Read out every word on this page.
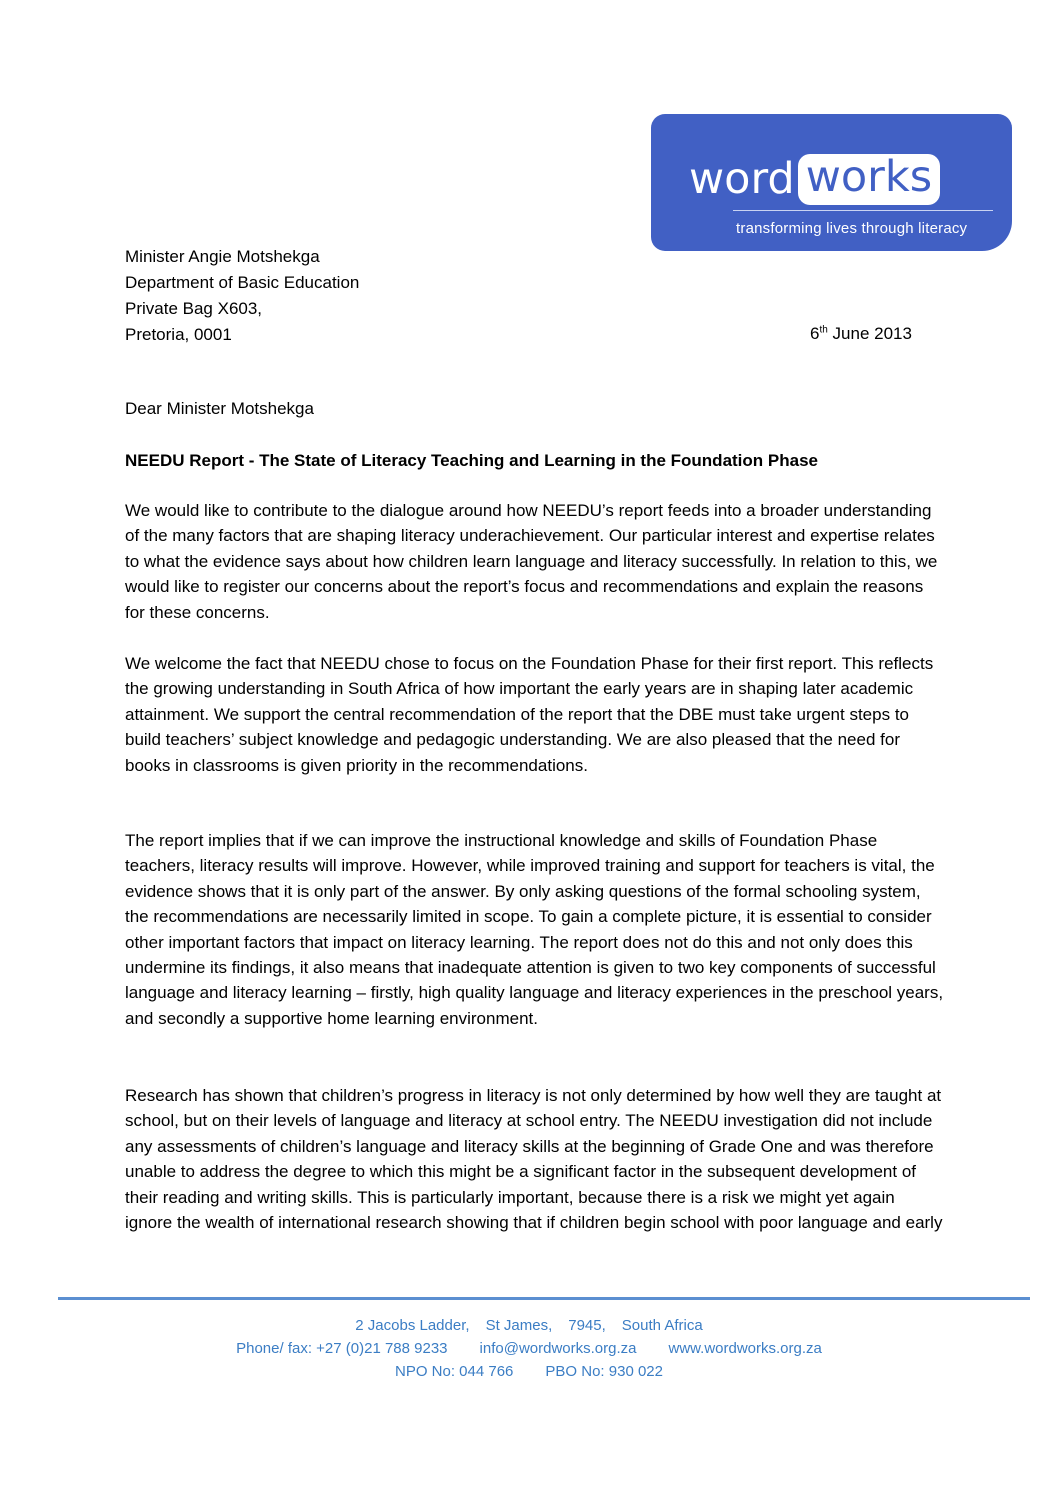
word works
transforming lives through literacy
Minister Angie Motshekga
Department of Basic Education
Private Bag X603,
Pretoria, 0001	6th June 2013
Dear Minister Motshekga
NEEDU Report - The State of Literacy Teaching and Learning in the Foundation Phase
We would like to contribute to the dialogue around how NEEDU’s report feeds into a broader understanding of the many factors that are shaping literacy underachievement. Our particular interest and expertise relates to what the evidence says about how children learn language and literacy successfully. In relation to this, we would like to register our concerns about the report’s focus and recommendations and explain the reasons for these concerns.
We welcome the fact that NEEDU chose to focus on the Foundation Phase for their first report. This reflects the growing understanding in South Africa of how important the early years are in shaping later academic attainment. We support the central recommendation of the report that the DBE must take urgent steps to build teachers’ subject knowledge and pedagogic understanding. We are also pleased that the need for books in classrooms is given priority in the recommendations.
The report implies that if we can improve the instructional knowledge and skills of Foundation Phase teachers, literacy results will improve. However, while improved training and support for teachers is vital, the evidence shows that it is only part of the answer. By only asking questions of the formal schooling system, the recommendations are necessarily limited in scope. To gain a complete picture, it is essential to consider other important factors that impact on literacy learning. The report does not do this and not only does this undermine its findings, it also means that inadequate attention is given to two key components of successful language and literacy learning – firstly, high quality language and literacy experiences in the preschool years, and secondly a supportive home learning environment.
Research has shown that children’s progress in literacy is not only determined by how well they are taught at school, but on their levels of language and literacy at school entry. The NEEDU investigation did not include any assessments of children’s language and literacy skills at the beginning of Grade One and was therefore unable to address the degree to which this might be a significant factor in the subsequent development of their reading and writing skills. This is particularly important, because there is a risk we might yet again ignore the wealth of international research showing that if children begin school with poor language and early
2 Jacobs Ladder, St James, 7945, South Africa
Phone/ fax: +27 (0)21 788 9233 info@wordworks.org.za www.wordworks.org.za
NPO No: 044 766 PBO No: 930 022
